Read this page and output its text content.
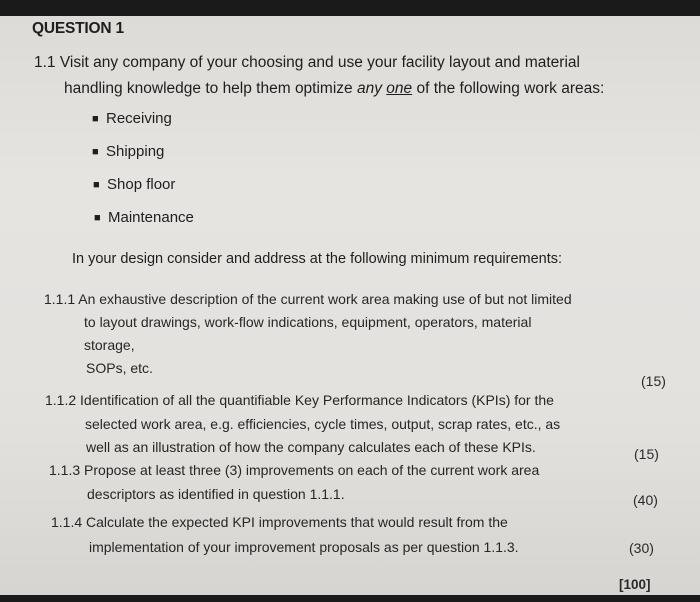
QUESTION 1
1.1 Visit any company of your choosing and use your facility layout and material
handling knowledge to help them optimize any one of the following work areas:
■ Receiving
■ Shipping
■ Shop floor
■ Maintenance
In your design consider and address at the following minimum requirements:
1.1.1 An exhaustive description of the current work area making use of but not limited
to layout drawings, work-flow indications, equipment, operators, material
storage,
SOPs, etc.
(15)
1.1.2 Identification of all the quantifiable Key Performance Indicators (KPIs) for the
selected work area, e.g. efficiencies, cycle times, output, scrap rates, etc., as
well as an illustration of how the company calculates each of these KPIs.	(15)
1.1.3 Propose at least three (3) improvements on each of the current work area
descriptors as identified in question 1.1.1.	(40)
1.1.4 Calculate the expected KPI improvements that would result from the
implementation of your improvement proposals as per question 1.1.3.	(30)
[100]
